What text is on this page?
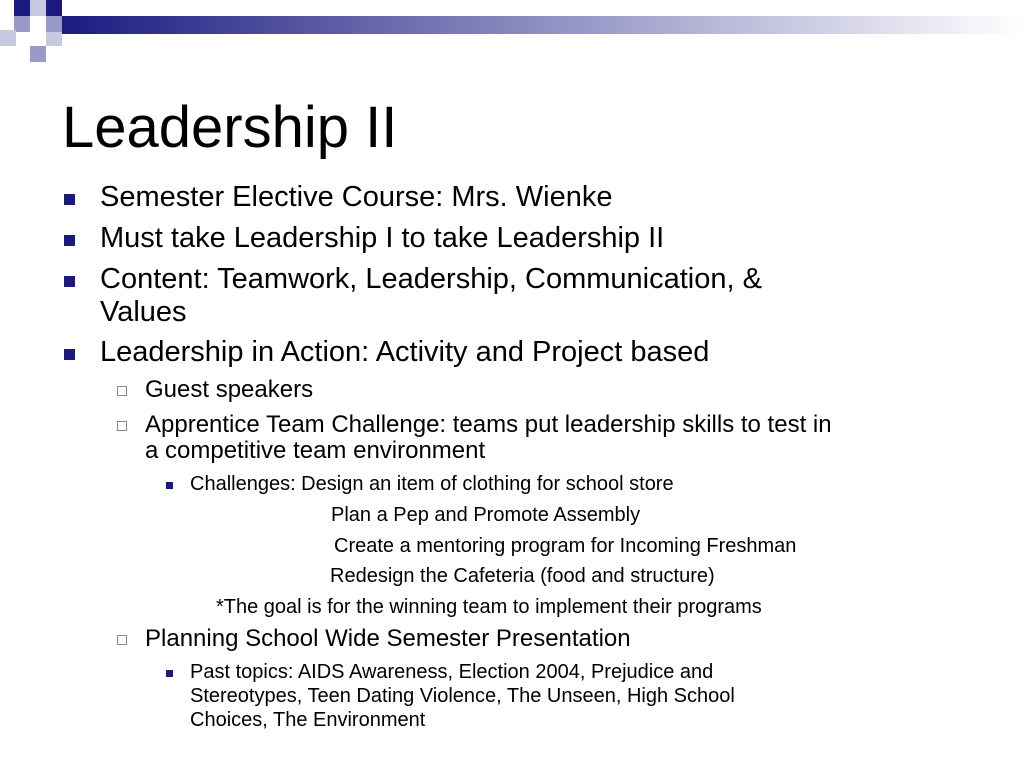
Leadership II
Semester Elective Course: Mrs. Wienke
Must take Leadership I to take Leadership II
Content: Teamwork, Leadership, Communication, &
Values
Leadership in Action: Activity and Project based
Guest speakers
Apprentice Team Challenge: teams put leadership skills to test in
a competitive team environment
Challenges: Design an item of clothing for school store
Plan a Pep and Promote Assembly
Create a mentoring program for Incoming Freshman
Redesign the Cafeteria (food and structure)
*The goal is for the winning team to implement their programs
Planning School Wide Semester Presentation
Past topics: AIDS Awareness, Election 2004, Prejudice and
Stereotypes, Teen Dating Violence, The Unseen, High School
Choices, The Environment
